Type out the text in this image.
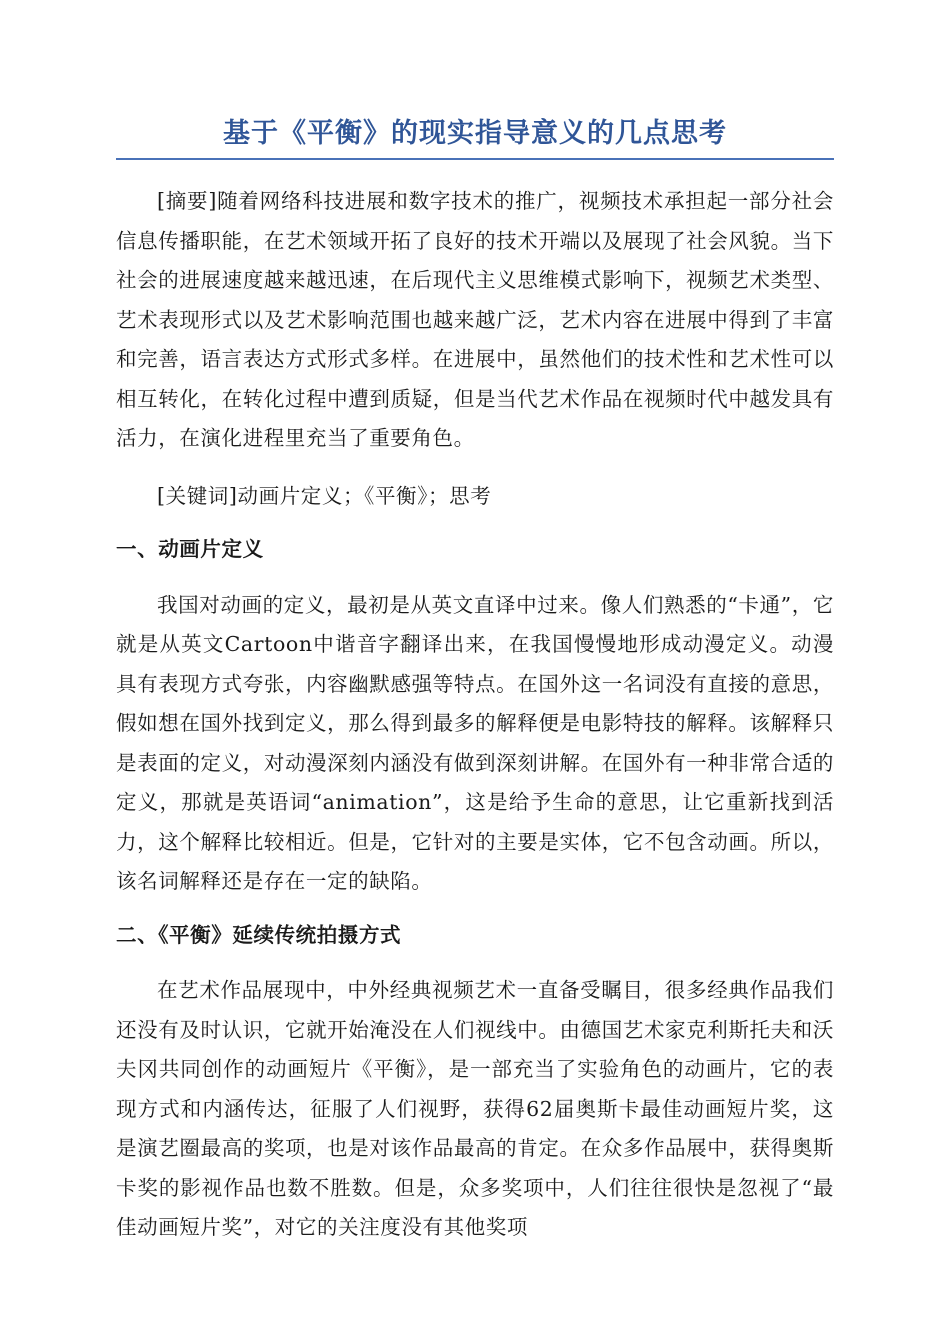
基于《平衡》的现实指导意义的几点思考

[摘要]随着网络科技进展和数字技术的推广，视频技术承担起一部分社会信息传播职能，在艺术领域开拓了良好的技术开端以及展现了社会风貌。当下社会的进展速度越来越迅速，在后现代主义思维模式影响下，视频艺术类型、艺术表现形式以及艺术影响范围也越来越广泛，艺术内容在进展中得到了丰富和完善，语言表达方式形式多样。在进展中，虽然他们的技术性和艺术性可以相互转化，在转化过程中遭到质疑，但是当代艺术作品在视频时代中越发具有活力，在演化进程里充当了重要角色。

[关键词]动画片定义；《平衡》；思考

一、动画片定义

我国对动画的定义，最初是从英文直译中过来。像人们熟悉的“卡通”，它就是从英文Cartoon中谐音字翻译出来，在我国慢慢地形成动漫定义。动漫具有表现方式夸张，内容幽默感强等特点。在国外这一名词没有直接的意思，假如想在国外找到定义，那么得到最多的解释便是电影特技的解释。该解释只是表面的定义，对动漫深刻内涵没有做到深刻讲解。在国外有一种非常合适的定义，那就是英语词“animation”，这是给予生命的意思，让它重新找到活力，这个解释比较相近。但是，它针对的主要是实体，它不包含动画。所以，该名词解释还是存在一定的缺陷。

二、《平衡》延续传统拍摄方式

在艺术作品展现中，中外经典视频艺术一直备受瞩目，很多经典作品我们还没有及时认识，它就开始淹没在人们视线中。由德国艺术家克利斯托夫和沃夫冈共同创作的动画短片《平衡》，是一部充当了实验角色的动画片，它的表现方式和内涵传达，征服了人们视野，获得62届奥斯卡最佳动画短片奖，这是演艺圈最高的奖项，也是对该作品最高的肯定。在众多作品展中，获得奥斯卡奖的影视作品也数不胜数。但是，众多奖项中，人们往往很快是忽视了“最佳动画短片奖”，对它的关注度没有其他奖项
